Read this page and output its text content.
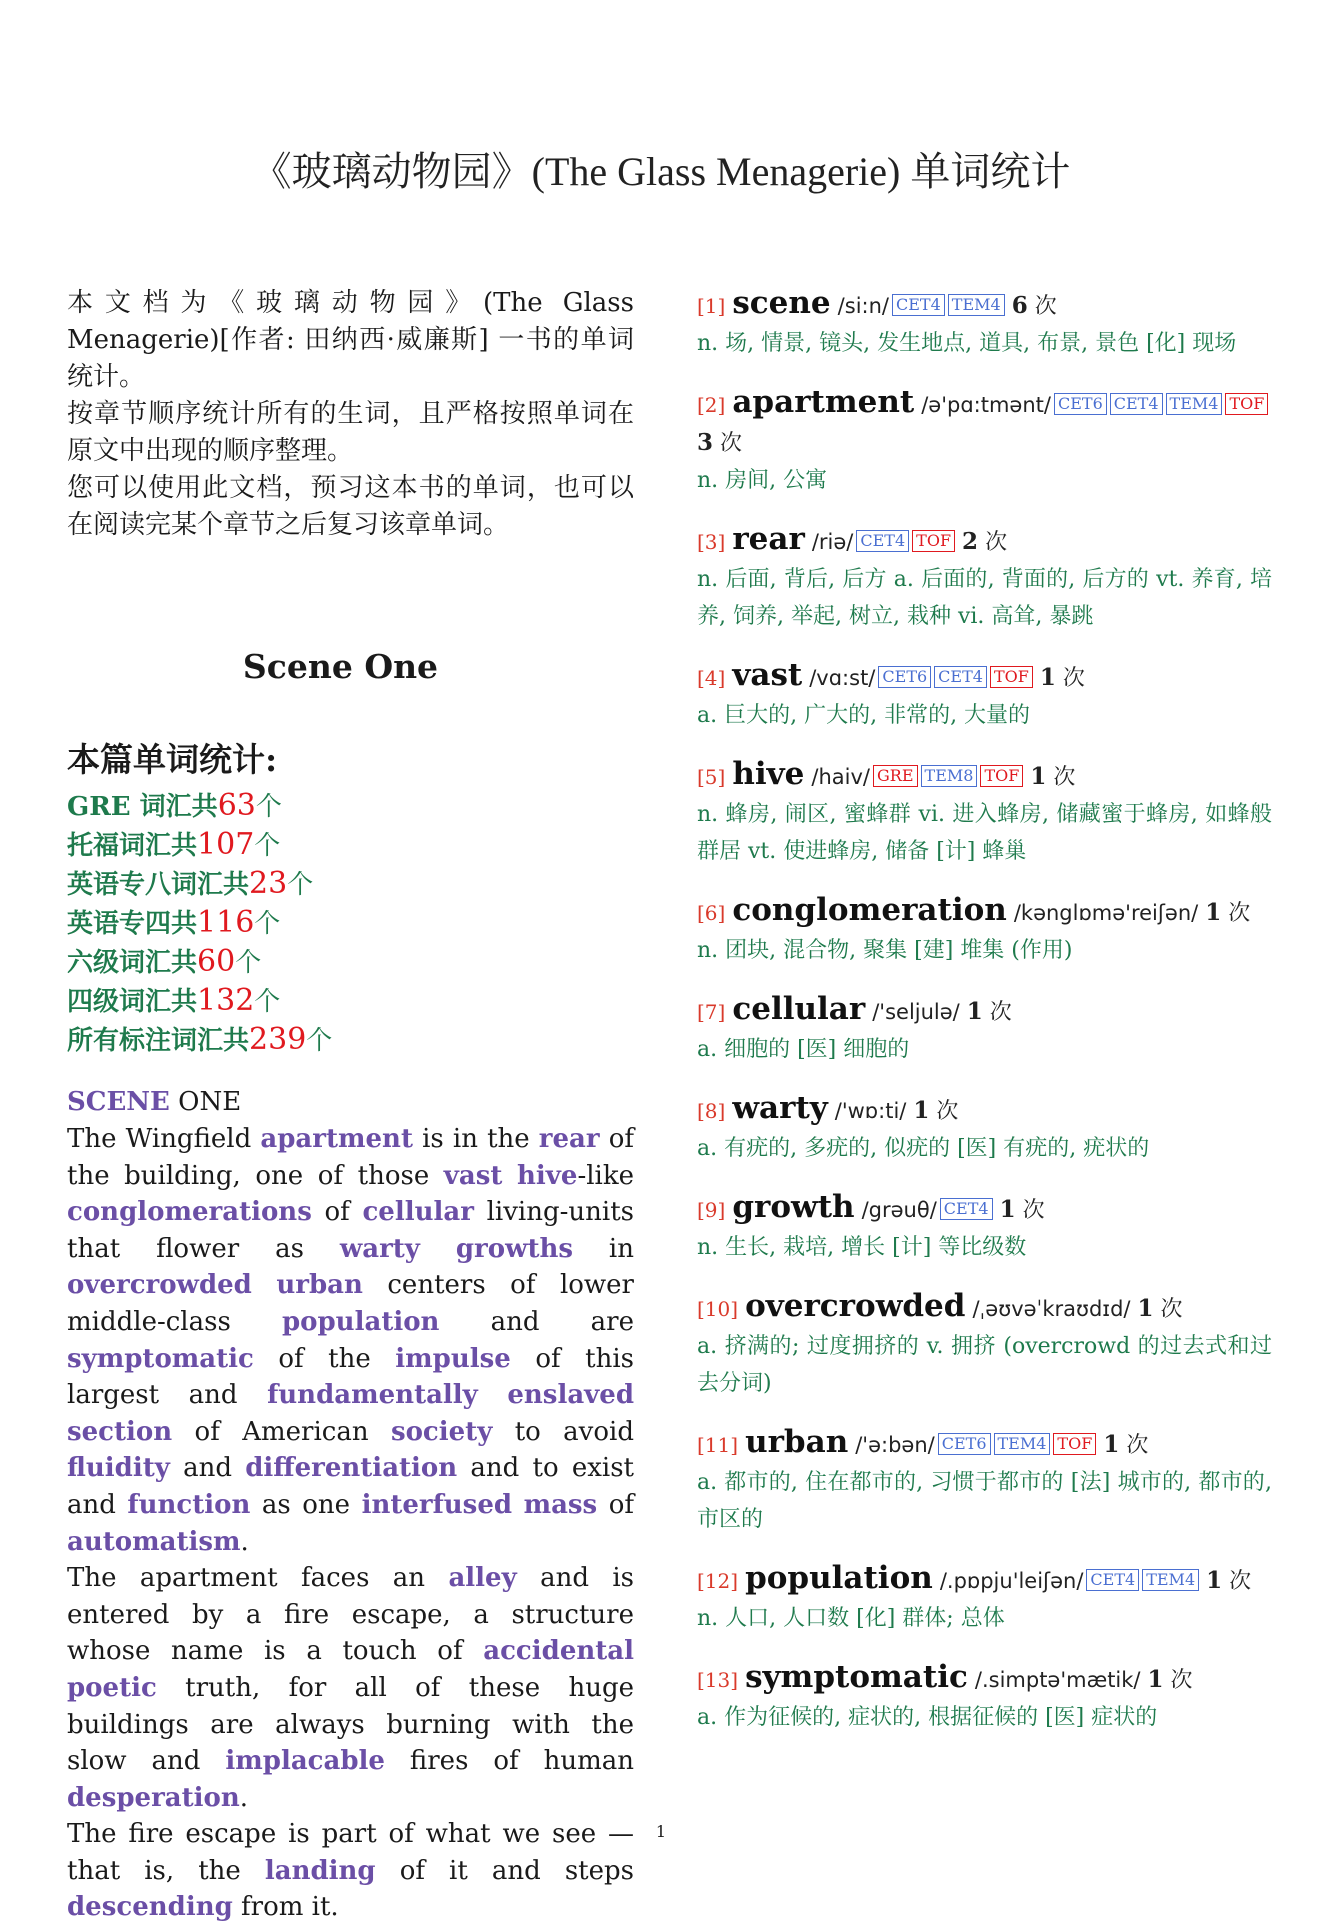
《玻璃动物园》(The Glass Menagerie) 单词统计

本文档为《玻璃动物园》(The Glass Menagerie)[作者: 田纳西·威廉斯] 一书的单词统计。

按章节顺序统计所有的生词，且严格按照单词在原文中出现的顺序整理。

您可以使用此文档，预习这本书的单词，也可以在阅读完某个章节之后复习该章单词。

Scene One
本篇单词统计:
GRE 词汇共63个
托福词汇共107个
英语专八词汇共23个
英语专四共116个
六级词汇共60个
四级词汇共132个
所有标注词汇共239个
SCENE ONE
The Wingfield apartment is in the rear of the building, one of those vast hive-like conglomerations of cellular living-units that flower as warty growths in overcrowded urban centers of lower middle-class population and are symptomatic of the impulse of this largest and fundamentally enslaved section of American society to avoid fluidity and differentiation and to exist and function as one interfused mass of automatism.
The apartment faces an alley and is entered by a fire escape, a structure whose name is a touch of accidental poetic truth, for all of these huge buildings are always burning with the slow and implacable fires of human desperation.
The fire escape is part of what we see —that is, the landing of it and steps descending from it.
[1] scene /si:n/ CET4 TEM4 6 次
n. 场, 情景, 镜头, 发生地点, 道具, 布景, 景色 [化] 现场
[2] apartment /ə'pɑ:tmənt/ CET6 CET4 TEM4 TOF 3 次
n. 房间, 公寓
[3] rear /riə/ CET4 TOF 2 次
n. 后面, 背后, 后方 a. 后面的, 背面的, 后方的 vt. 养育, 培养, 饲养, 举起, 树立, 栽种 vi. 高耸, 暴跳
[4] vast /vɑ:st/ CET6 CET4 TOF 1 次
a. 巨大的, 广大的, 非常的, 大量的
[5] hive /haiv/ GRE TEM8 TOF 1 次
n. 蜂房, 闹区, 蜜蜂群 vi. 进入蜂房, 储藏蜜于蜂房, 如蜂般群居 vt. 使进蜂房, 储备 [计] 蜂巢
[6] conglomeration /kənglɒmə'reiʃən/ 1 次
n. 团块, 混合物, 聚集 [建] 堆集 (作用)
[7] cellular /'seljulə/ 1 次
a. 细胞的 [医] 细胞的
[8] warty /'wɒ:ti/ 1 次
a. 有疣的, 多疣的, 似疣的 [医] 有疣的, 疣状的
[9] growth /grəuθ/ CET4 1 次
n. 生长, 栽培, 增长 [计] 等比级数
[10] overcrowded /ˌəʊvəˈkraʊdɪd/ 1 次
a. 挤满的; 过度拥挤的 v. 拥挤 (overcrowd 的过去式和过去分词)
[11] urban /'ə:bən/ CET6 TEM4 TOF 1 次
a. 都市的, 住在都市的, 习惯于都市的 [法] 城市的, 都市的, 市区的
[12] population /.pɒpju'leiʃən/ CET4 TEM4 1 次
n. 人口, 人口数 [化] 群体; 总体
[13] symptomatic /.simptə'mætik/ 1 次
a. 作为征候的, 症状的, 根据征候的 [医] 症状的
1
